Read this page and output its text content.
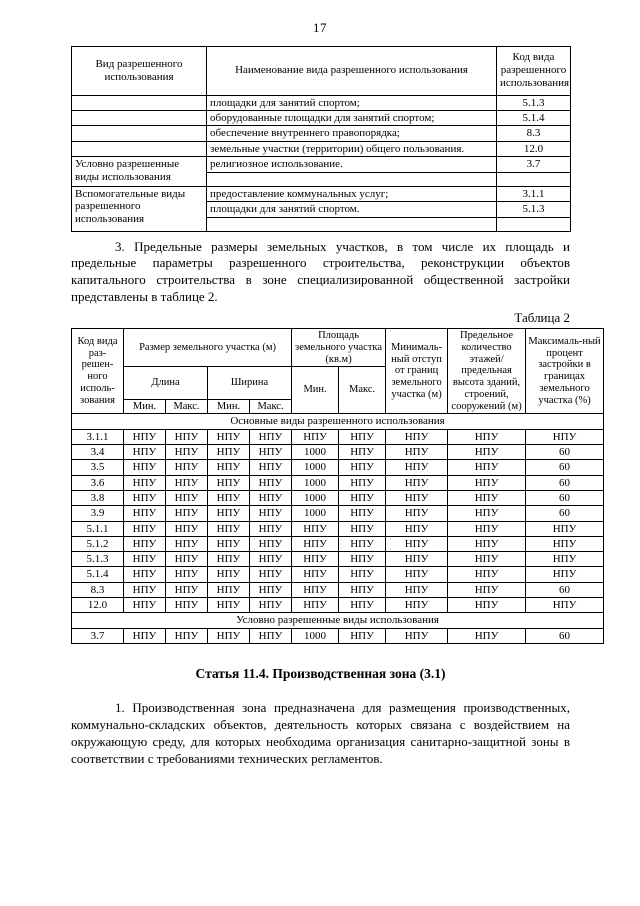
17
Вид разрешенного использования	Наименование вида разрешенного использования	Код вида разрешенного использования
	площадки для занятий спортом;	5.1.3
	оборудованные площадки для занятий спортом;	5.1.4
	обеспечение внутреннего правопорядка;	8.3
	земельные участки (территории) общего пользования.	12.0
Условно разрешенные виды использования	религиозное использование.	3.7

Вспомогательные виды разрешенного использования	предоставление коммунальных услуг;	3.1.1
	площадки для занятий спортом.	5.1.3

3. Предельные размеры земельных участков, в том числе их площадь и предельные параметры разрешенного строительства, реконструкции объектов капитального строительства в зоне специализированной общественной застройки представлены в таблице 2.

Таблица 2
Код вида раз-решен-ного исполь-зования	Размер земельного участка (м)				Площадь земельного участка (кв.м)		Минималь-ный отступ от границ земельного участка (м)	Предельное количество этажей/ предельная высота зданий, строений, сооружений (м)	Максималь-ный процент застройки в границах земельного участка (%)
	Длина		Ширина		Мин.	Макс.			
	Мин.	Макс.	Мин.	Макс.					
Основные виды разрешенного использования									
3.1.1	НПУ	НПУ	НПУ	НПУ	НПУ	НПУ	НПУ	НПУ	НПУ
3.4	НПУ	НПУ	НПУ	НПУ	1000	НПУ	НПУ	НПУ	60
3.5	НПУ	НПУ	НПУ	НПУ	1000	НПУ	НПУ	НПУ	60
3.6	НПУ	НПУ	НПУ	НПУ	1000	НПУ	НПУ	НПУ	60
3.8	НПУ	НПУ	НПУ	НПУ	1000	НПУ	НПУ	НПУ	60
3.9	НПУ	НПУ	НПУ	НПУ	1000	НПУ	НПУ	НПУ	60
5.1.1	НПУ	НПУ	НПУ	НПУ	НПУ	НПУ	НПУ	НПУ	НПУ
5.1.2	НПУ	НПУ	НПУ	НПУ	НПУ	НПУ	НПУ	НПУ	НПУ
5.1.3	НПУ	НПУ	НПУ	НПУ	НПУ	НПУ	НПУ	НПУ	НПУ
5.1.4	НПУ	НПУ	НПУ	НПУ	НПУ	НПУ	НПУ	НПУ	НПУ
8.3	НПУ	НПУ	НПУ	НПУ	НПУ	НПУ	НПУ	НПУ	60
12.0	НПУ	НПУ	НПУ	НПУ	НПУ	НПУ	НПУ	НПУ	НПУ
Условно разрешенные виды использования									
3.7	НПУ	НПУ	НПУ	НПУ	1000	НПУ	НПУ	НПУ	60
Статья 11.4. Производственная зона (3.1)

1. Производственная зона предназначена для размещения производственных, коммунально-складских объектов, деятельность которых связана с воздействием на окружающую среду, для которых необходима организация санитарно-защитной зоны в соответствии с требованиями технических регламентов.
